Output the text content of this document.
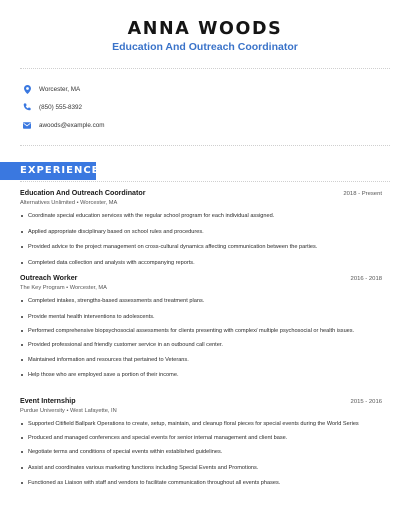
ANNA WOODS
Education And Outreach Coordinator
Worcester, MA
(850) 555-8392
awoods@example.com
EXPERIENCE
Education And Outreach Coordinator	2018 - Present
Alternatives Unlimited • Worcester, MA
Coordinate special education services with the regular school program for each individual assigned.
Applied appropriate disciplinary based on school rules and procedures.
Provided advice to the project management on cross-cultural dynamics affecting communication between the parties.
Completed data collection and analysis with accompanying reports.
Outreach Worker	2016 - 2018
The Key Program • Worcester, MA
Completed intakes, strengths-based assessments and treatment plans.
Provide mental health interventions to adolescents.
Performed comprehensive biopsychosocial assessments for clients presenting with complex/ multiple psychosocial or health issues.
Provided professional and friendly customer service in an outbound call center.
Maintained information and resources that pertained to Veterans.
Help those who are employed save a portion of their income.
Event Internship	2015 - 2016
Purdue University • West Lafayette, IN
Supported Citifield Ballpark Operations to create, setup, maintain, and cleanup floral pieces for special events during the World Series
Produced and managed conferences and special events for senior internal management and client base.
Negotiate terms and conditions of special events within established guidelines.
Assist and coordinates various marketing functions including Special Events and Promotions.
Functioned as Liaison with staff and vendors to facilitate communication throughout all events phases.
